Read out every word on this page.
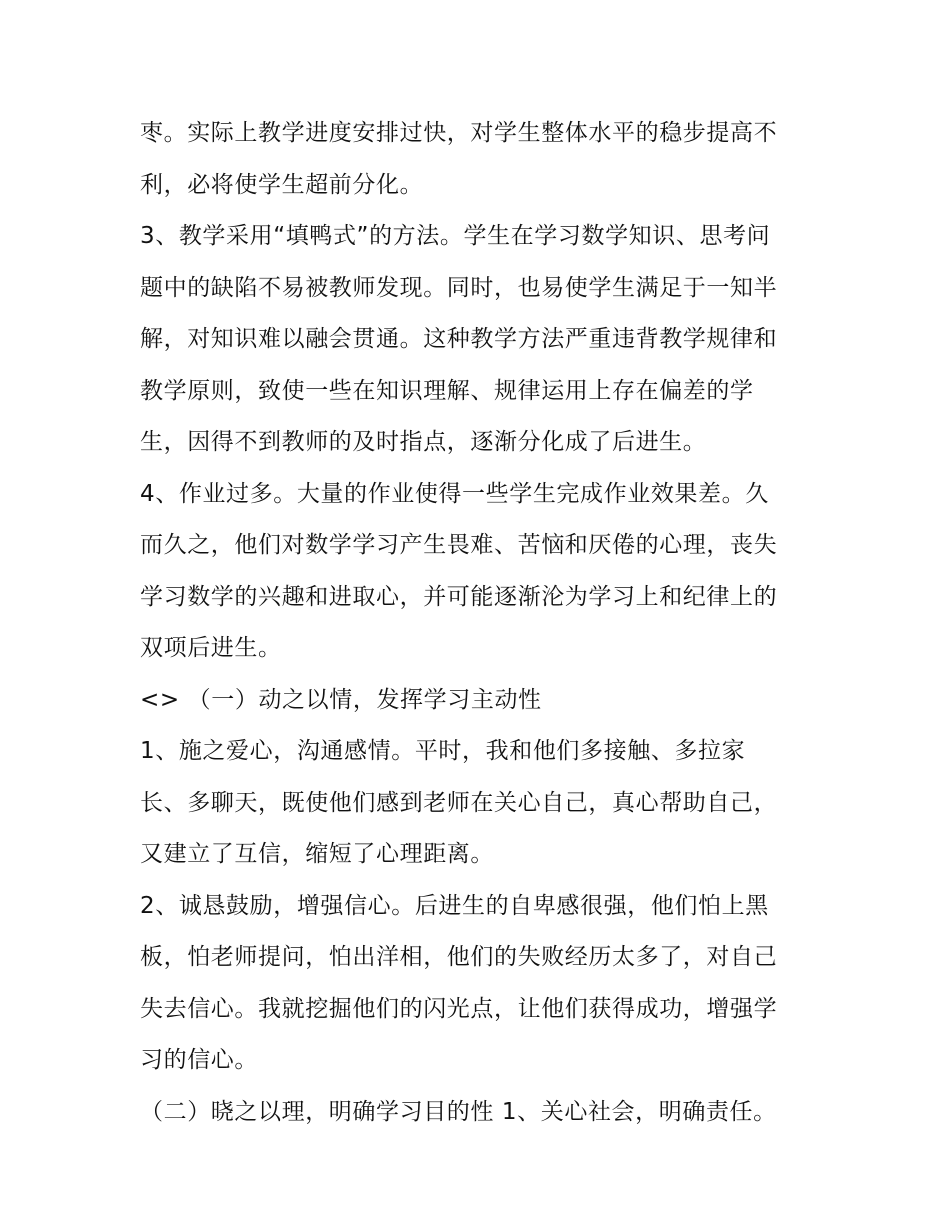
枣。实际上教学进度安排过快，对学生整体水平的稳步提高不
利，必将使学生超前分化。
3、教学采用“填鸭式”的方法。学生在学习数学知识、思考问
题中的缺陷不易被教师发现。同时，也易使学生满足于一知半
解，对知识难以融会贯通。这种教学方法严重违背教学规律和
教学原则，致使一些在知识理解、规律运用上存在偏差的学
生，因得不到教师的及时指点，逐渐分化成了后进生。
4、作业过多。大量的作业使得一些学生完成作业效果差。久
而久之，他们对数学学习产生畏难、苦恼和厌倦的心理，丧失
学习数学的兴趣和进取心，并可能逐渐沦为学习上和纪律上的
双项后进生。
<> （一）动之以情，发挥学习主动性
1、施之爱心，沟通感情。平时，我和他们多接触、多拉家
长、多聊天，既使他们感到老师在关心自己，真心帮助自己，
又建立了互信，缩短了心理距离。
2、诚恳鼓励，增强信心。后进生的自卑感很强，他们怕上黑
板，怕老师提问，怕出洋相，他们的失败经历太多了，对自己
失去信心。我就挖掘他们的闪光点，让他们获得成功，增强学
习的信心。
（二）晓之以理，明确学习目的性 1、关心社会，明确责任。
